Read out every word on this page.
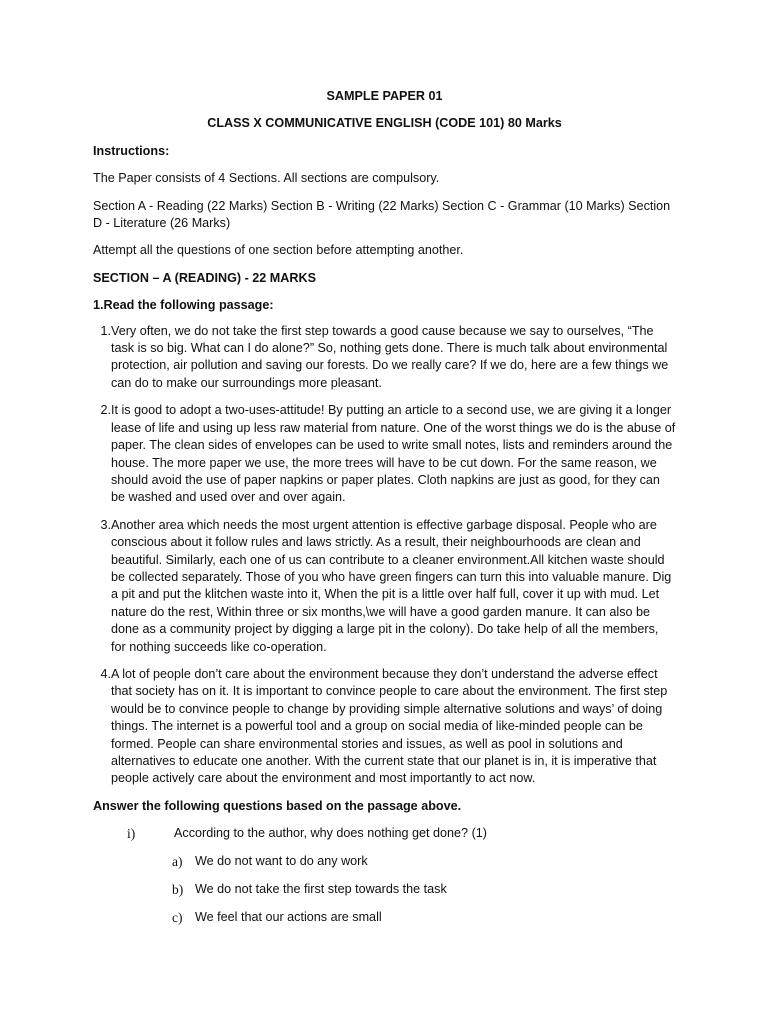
SAMPLE PAPER 01

CLASS X COMMUNICATIVE ENGLISH (CODE 101) 80 Marks

Instructions:

The Paper consists of 4 Sections. All sections are compulsory.

Section A - Reading (22 Marks) Section B - Writing (22 Marks) Section C - Grammar (10 Marks) Section D - Literature (26 Marks)

Attempt all the questions of one section before attempting another.

SECTION – A (READING) - 22 MARKS

1.Read the following passage:

1. Very often, we do not take the first step towards a good cause because we say to ourselves, “The task is so big. What can I do alone?” So, nothing gets done. There is much talk about environmental protection, air pollution and saving our forests. Do we really care? If we do, here are a few things we can do to make our surroundings more pleasant.
2. It is good to adopt a two-uses-attitude! By putting an article to a second use, we are giving it a longer lease of life and using up less raw material from nature. One of the worst things we do is the abuse of paper. The clean sides of envelopes can be used to write small notes, lists and reminders around the house. The more paper we use, the more trees will have to be cut down. For the same reason, we should avoid the use of paper napkins or paper plates. Cloth napkins are just as good, for they can be washed and used over and over again.
3. Another area which needs the most urgent attention is effective garbage disposal. People who are conscious about it follow rules and laws strictly. As a result, their neighbourhoods are clean and beautiful. Similarly, each one of us can contribute to a cleaner environment.All kitchen waste should be collected separately. Those of you who have green fingers can turn this into valuable manure. Dig a pit and put the klitchen waste into it, When the pit is a little over half full, cover it up with mud. Let nature do the rest, Within three or six months,\we will have a good garden manure. It can also be done as a community project by digging a large pit in the colony). Do take help of all the members, for nothing succeeds like co-operation.
4. A lot of people don’t care about the environment because they don’t understand the adverse effect that society has on it. It is important to convince people to care about the environment. The first step would be to convince people to change by providing simple alternative solutions and ways’ of doing things. The internet is a powerful tool and a group on social media of like-minded people can be formed. People can share environmental stories and issues, as well as pool in solutions and alternatives to educate one another. With the current state that our planet is in, it is imperative that people actively care about the environment and most importantly to act now.

Answer the following questions based on the passage above.

i)	According to the author, why does nothing get done? (1)
a) We do not want to do any work
b) We do not take the first step towards the task
c) We feel that our actions are small
